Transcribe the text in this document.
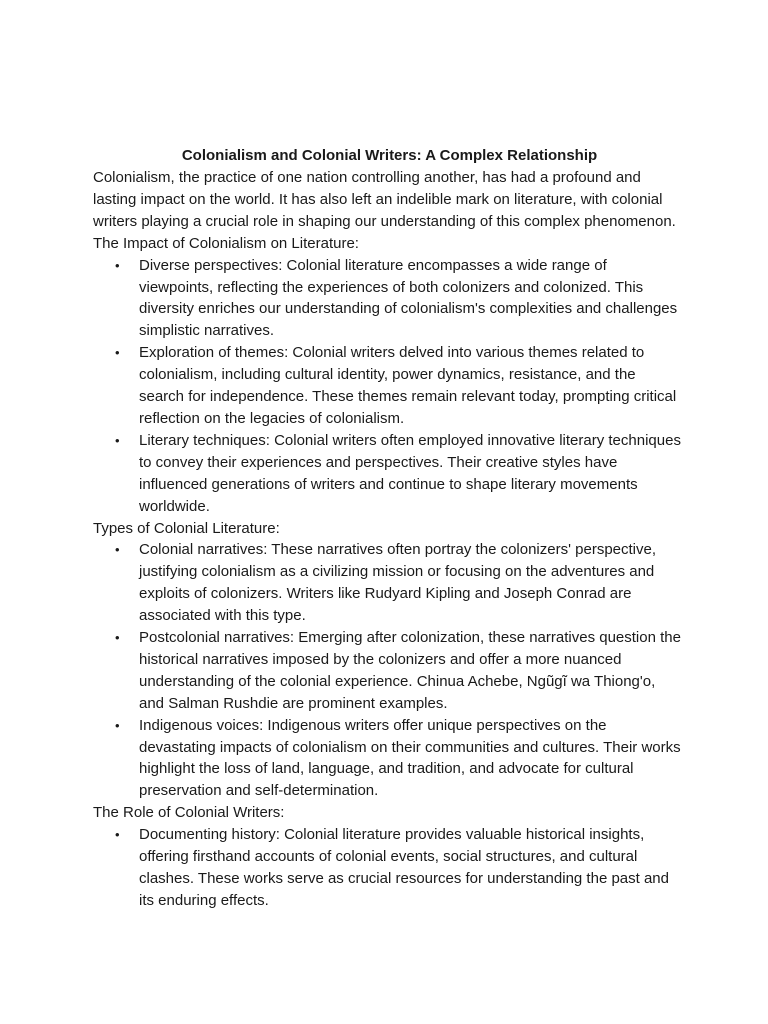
Colonialism and Colonial Writers: A Complex Relationship

Colonialism, the practice of one nation controlling another, has had a profound and lasting impact on the world. It has also left an indelible mark on literature, with colonial writers playing a crucial role in shaping our understanding of this complex phenomenon.

The Impact of Colonialism on Literature:

• Diverse perspectives: Colonial literature encompasses a wide range of viewpoints, reflecting the experiences of both colonizers and colonized. This diversity enriches our understanding of colonialism's complexities and challenges simplistic narratives.
• Exploration of themes: Colonial writers delved into various themes related to colonialism, including cultural identity, power dynamics, resistance, and the search for independence. These themes remain relevant today, prompting critical reflection on the legacies of colonialism.
• Literary techniques: Colonial writers often employed innovative literary techniques to convey their experiences and perspectives. Their creative styles have influenced generations of writers and continue to shape literary movements worldwide.

Types of Colonial Literature:

• Colonial narratives: These narratives often portray the colonizers' perspective, justifying colonialism as a civilizing mission or focusing on the adventures and exploits of colonizers. Writers like Rudyard Kipling and Joseph Conrad are associated with this type.
• Postcolonial narratives: Emerging after colonization, these narratives question the historical narratives imposed by the colonizers and offer a more nuanced understanding of the colonial experience. Chinua Achebe, Ngũgĩ wa Thiong'o, and Salman Rushdie are prominent examples.
• Indigenous voices: Indigenous writers offer unique perspectives on the devastating impacts of colonialism on their communities and cultures. Their works highlight the loss of land, language, and tradition, and advocate for cultural preservation and self-determination.

The Role of Colonial Writers:

• Documenting history: Colonial literature provides valuable historical insights, offering firsthand accounts of colonial events, social structures, and cultural clashes. These works serve as crucial resources for understanding the past and its enduring effects.
